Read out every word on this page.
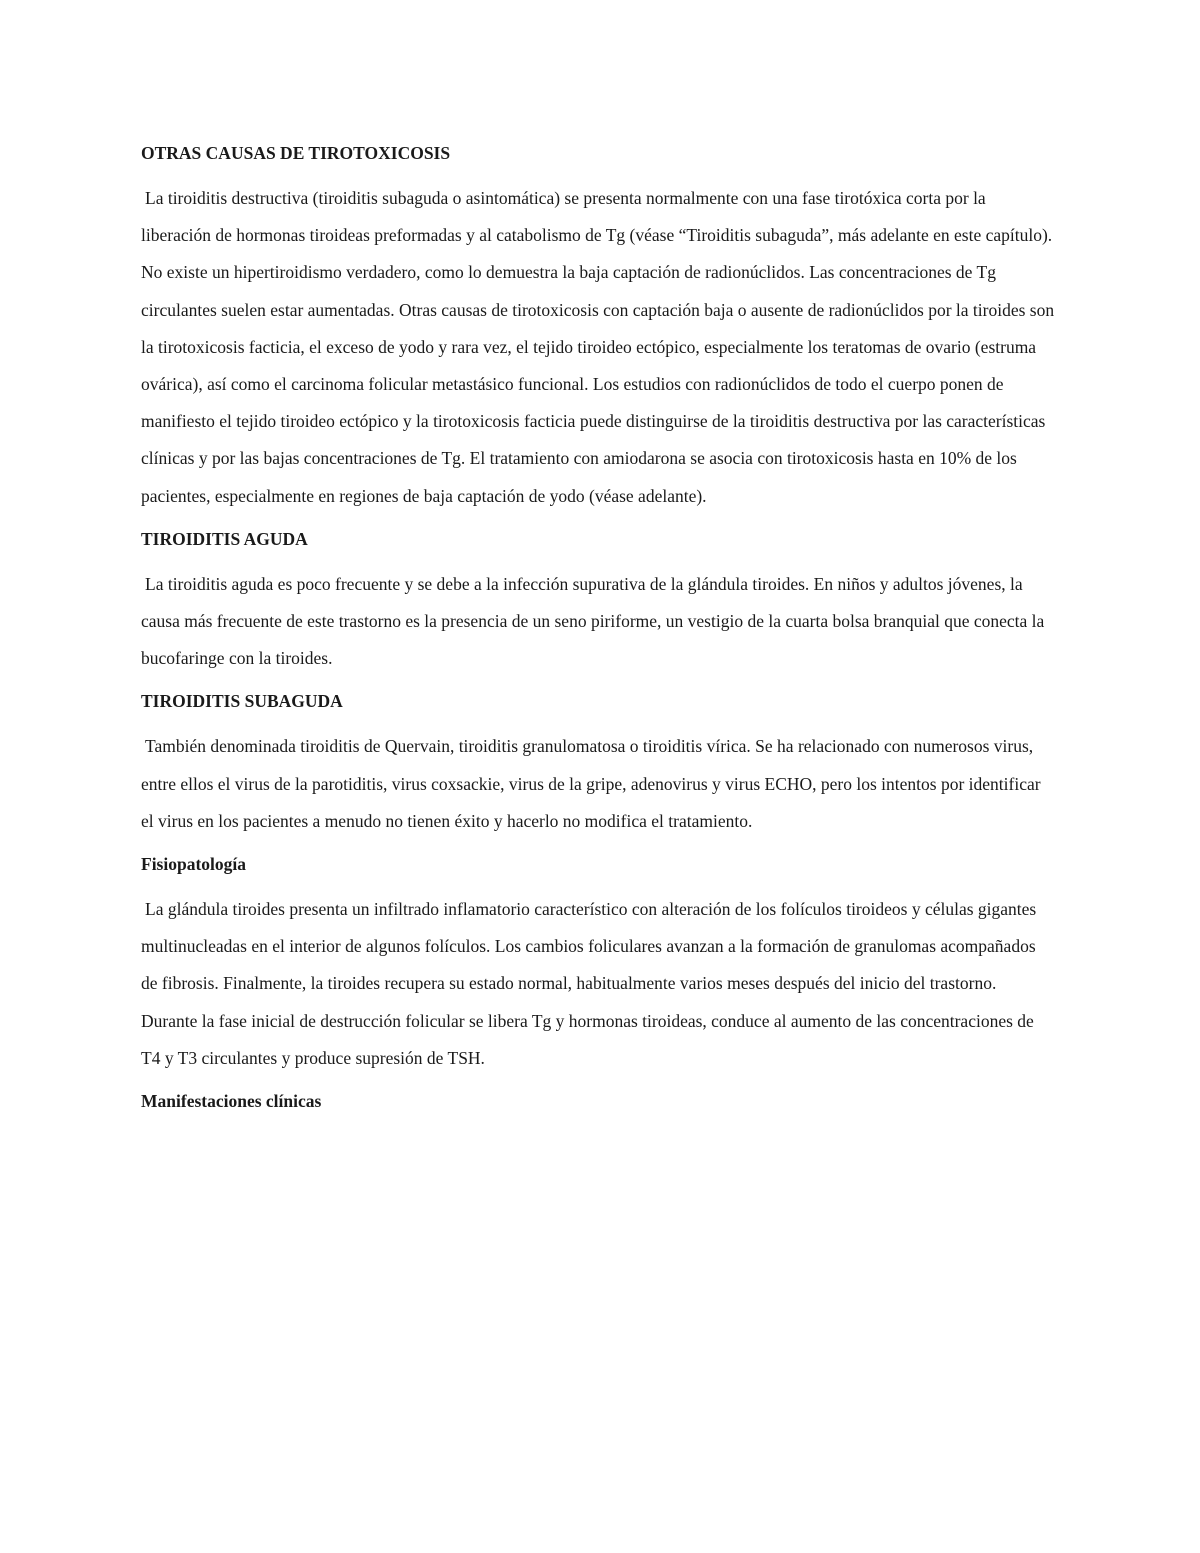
OTRAS CAUSAS DE TIROTOXICOSIS

La tiroiditis destructiva (tiroiditis subaguda o asintomática) se presenta normalmente con una fase tirotóxica corta por la liberación de hormonas tiroideas preformadas y al catabolismo de Tg (véase “Tiroiditis subaguda”, más adelante en este capítulo). No existe un hipertiroidismo verdadero, como lo demuestra la baja captación de radionúclidos. Las concentraciones de Tg circulantes suelen estar aumentadas. Otras causas de tirotoxicosis con captación baja o ausente de radionúclidos por la tiroides son la tirotoxicosis facticia, el exceso de yodo y rara vez, el tejido tiroideo ectópico, especialmente los teratomas de ovario (estruma ovárica), así como el carcinoma folicular metastásico funcional. Los estudios con radionúclidos de todo el cuerpo ponen de manifiesto el tejido tiroideo ectópico y la tirotoxicosis facticia puede distinguirse de la tiroiditis destructiva por las características clínicas y por las bajas concentraciones de Tg. El tratamiento con amiodarona se asocia con tirotoxicosis hasta en 10% de los pacientes, especialmente en regiones de baja captación de yodo (véase adelante).

TIROIDITIS AGUDA

La tiroiditis aguda es poco frecuente y se debe a la infección supurativa de la glándula tiroides. En niños y adultos jóvenes, la causa más frecuente de este trastorno es la presencia de un seno piriforme, un vestigio de la cuarta bolsa branquial que conecta la bucofaringe con la tiroides.

TIROIDITIS SUBAGUDA

También denominada tiroiditis de Quervain, tiroiditis granulomatosa o tiroiditis vírica. Se ha relacionado con numerosos virus, entre ellos el virus de la parotiditis, virus coxsackie, virus de la gripe, adenovirus y virus ECHO, pero los intentos por identificar el virus en los pacientes a menudo no tienen éxito y hacerlo no modifica el tratamiento.

Fisiopatología

La glándula tiroides presenta un infiltrado inflamatorio característico con alteración de los folículos tiroideos y células gigantes multinucleadas en el interior de algunos folículos. Los cambios foliculares avanzan a la formación de granulomas acompañados de fibrosis. Finalmente, la tiroides recupera su estado normal, habitualmente varios meses después del inicio del trastorno. Durante la fase inicial de destrucción folicular se libera Tg y hormonas tiroideas, conduce al aumento de las concentraciones de T4 y T3 circulantes y produce supresión de TSH.

Manifestaciones clínicas
